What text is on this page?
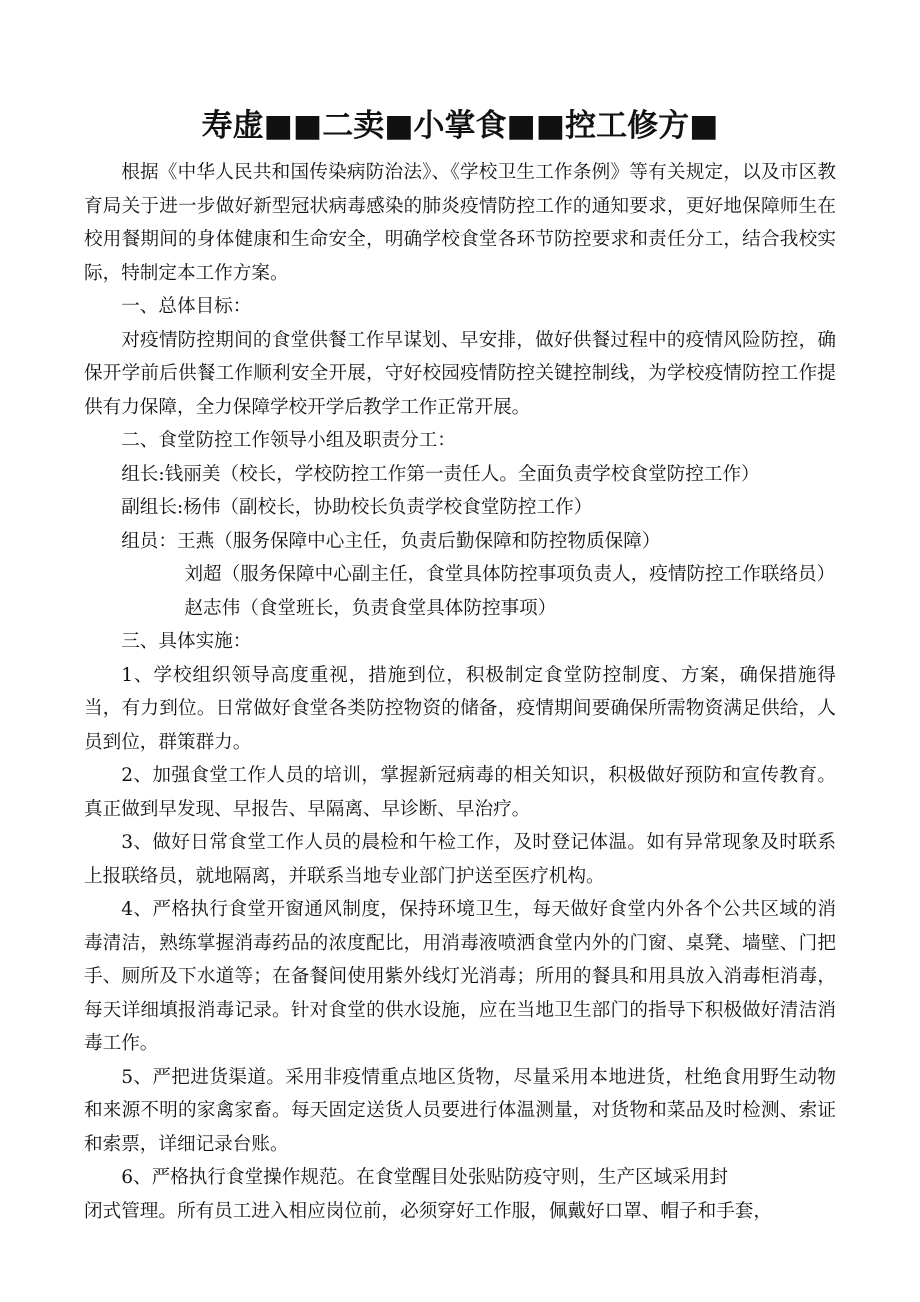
寿虚■■二卖■小掌食■■控工修方■

根据《中华人民共和国传染病防治法》、《学校卫生工作条例》等有关规定，以及市区教育局关于进一步做好新型冠状病毒感染的肺炎疫情防控工作的通知要求，更好地保障师生在校用餐期间的身体健康和生命安全，明确学校食堂各环节防控要求和责任分工，结合我校实际，特制定本工作方案。

一、总体目标：

对疫情防控期间的食堂供餐工作早谋划、早安排，做好供餐过程中的疫情风险防控，确保开学前后供餐工作顺利安全开展，守好校园疫情防控关键控制线，为学校疫情防控工作提供有力保障，全力保障学校开学后教学工作正常开展。

二、食堂防控工作领导小组及职责分工：

组长:钱丽美（校长，学校防控工作第一责任人。全面负责学校食堂防控工作）

副组长:杨伟（副校长，协助校长负责学校食堂防控工作）

组员：王燕（服务保障中心主任，负责后勤保障和防控物质保障）

刘超（服务保障中心副主任，食堂具体防控事项负责人，疫情防控工作联络员）

赵志伟（食堂班长，负责食堂具体防控事项）

三、具体实施：

1、学校组织领导高度重视，措施到位，积极制定食堂防控制度、方案，确保措施得当，有力到位。日常做好食堂各类防控物资的储备，疫情期间要确保所需物资满足供给，人员到位，群策群力。

2、加强食堂工作人员的培训，掌握新冠病毒的相关知识，积极做好预防和宣传教育。真正做到早发现、早报告、早隔离、早诊断、早治疗。

3、做好日常食堂工作人员的晨检和午检工作，及时登记体温。如有异常现象及时联系上报联络员，就地隔离，并联系当地专业部门护送至医疗机构。

4、严格执行食堂开窗通风制度，保持环境卫生，每天做好食堂内外各个公共区域的消毒清洁，熟练掌握消毒药品的浓度配比，用消毒液喷洒食堂内外的门窗、桌凳、墙壁、门把手、厕所及下水道等；在备餐间使用紫外线灯光消毒；所用的餐具和用具放入消毒柜消毒，每天详细填报消毒记录。针对食堂的供水设施，应在当地卫生部门的指导下积极做好清洁消毒工作。

5、严把进货渠道。采用非疫情重点地区货物，尽量采用本地进货，杜绝食用野生动物和来源不明的家禽家畜。每天固定送货人员要进行体温测量，对货物和菜品及时检测、索证和索票，详细记录台账。

6、严格执行食堂操作规范。在食堂醒目处张贴防疫守则，生产区域采用封

闭式管理。所有员工进入相应岗位前，必须穿好工作服，佩戴好口罩、帽子和手套，
